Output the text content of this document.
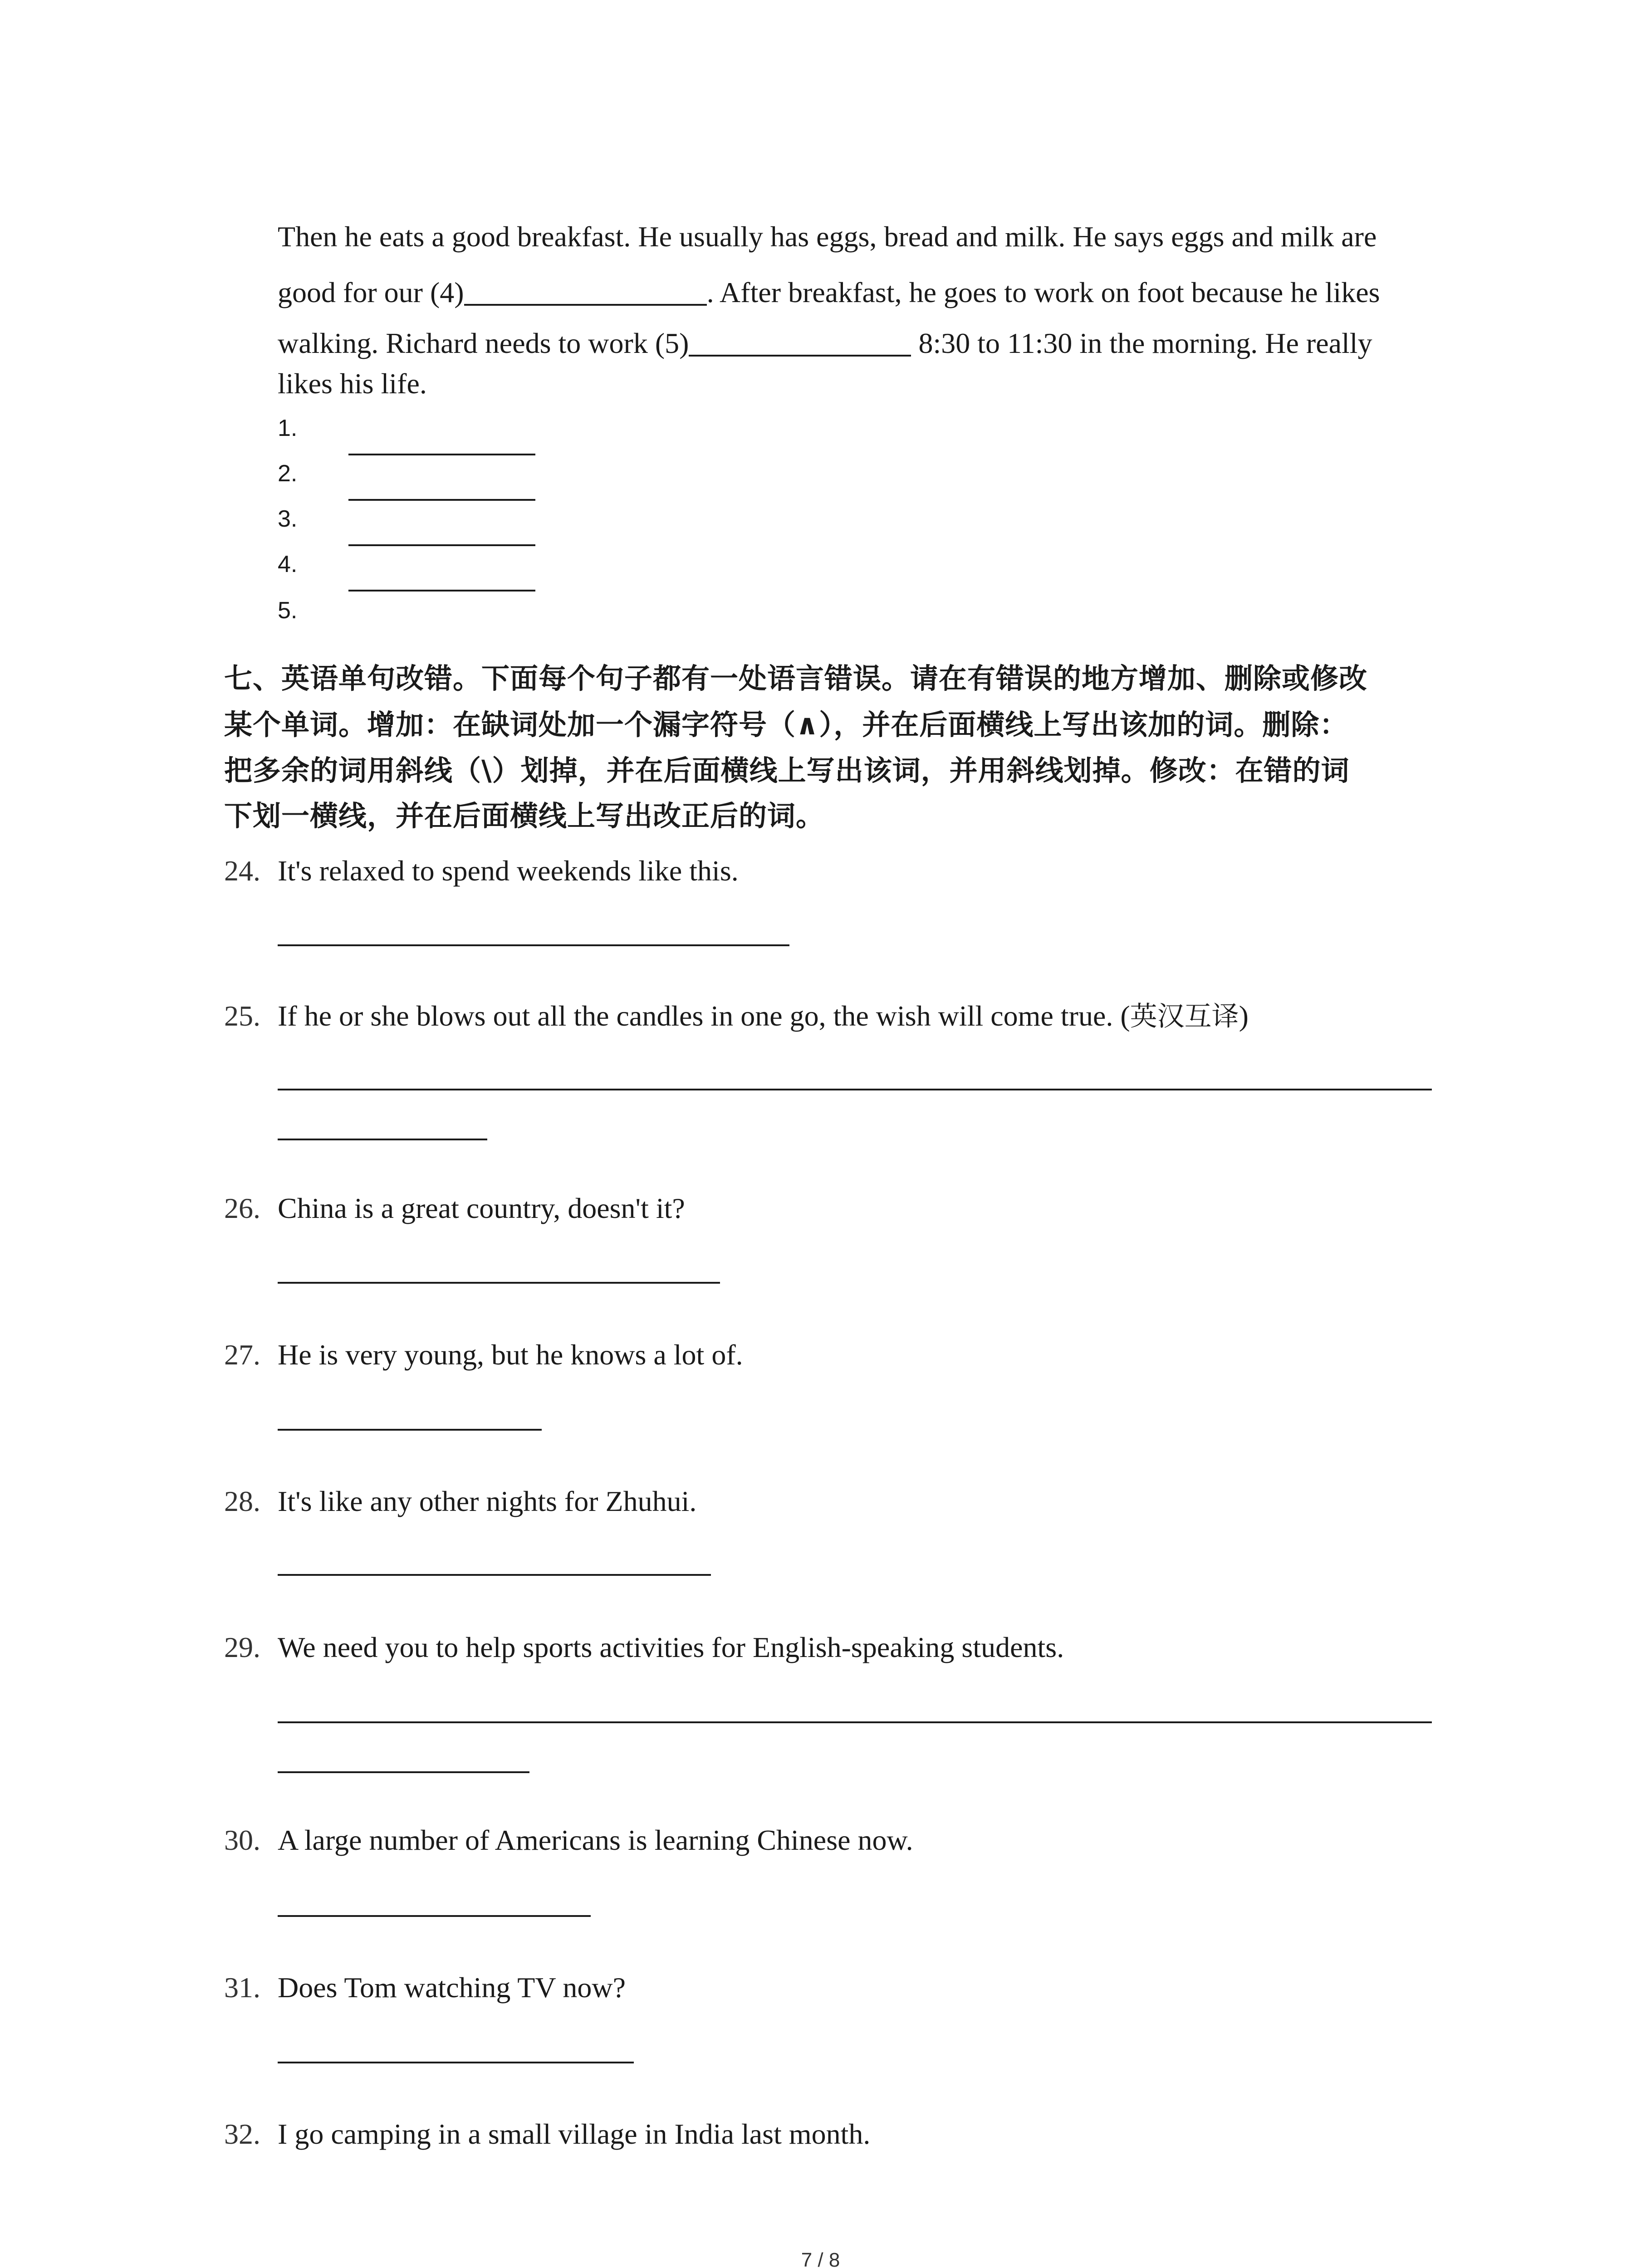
Then he eats a good breakfast. He usually has eggs, bread and milk. He says eggs and milk are
good for our (4)	. After breakfast, he goes to work on foot because he likes
walking. Richard needs to work (5)	8:30 to 11:30 in the morning. He really
likes his life.
1.
2.
3.
4.
5.
七、英语单句改错。下面每个句子都有一处语言错误。请在有错误的地方增加、删除或修改
某个单词。增加：在缺词处加一个漏字符号（∧），并在后面横线上写出该加的词。删除：
把多余的词用斜线（\）划掉，并在后面横线上写出该词，并用斜线划掉。修改：在错的词
下划一横线，并在后面横线上写出改正后的词。
24. It's relaxed to spend weekends like this.
25. If he or she blows out all the candles in one go, the wish will come true. (英汉互译)
26. China is a great country, doesn't it?
27. He is very young, but he knows a lot of.
28. It's like any other nights for Zhuhui.
29. We need you to help sports activities for English-speaking students.
30. A large number of Americans is learning Chinese now.
31. Does Tom watching TV now?
32. I go camping in a small village in India last month.
7 / 8
